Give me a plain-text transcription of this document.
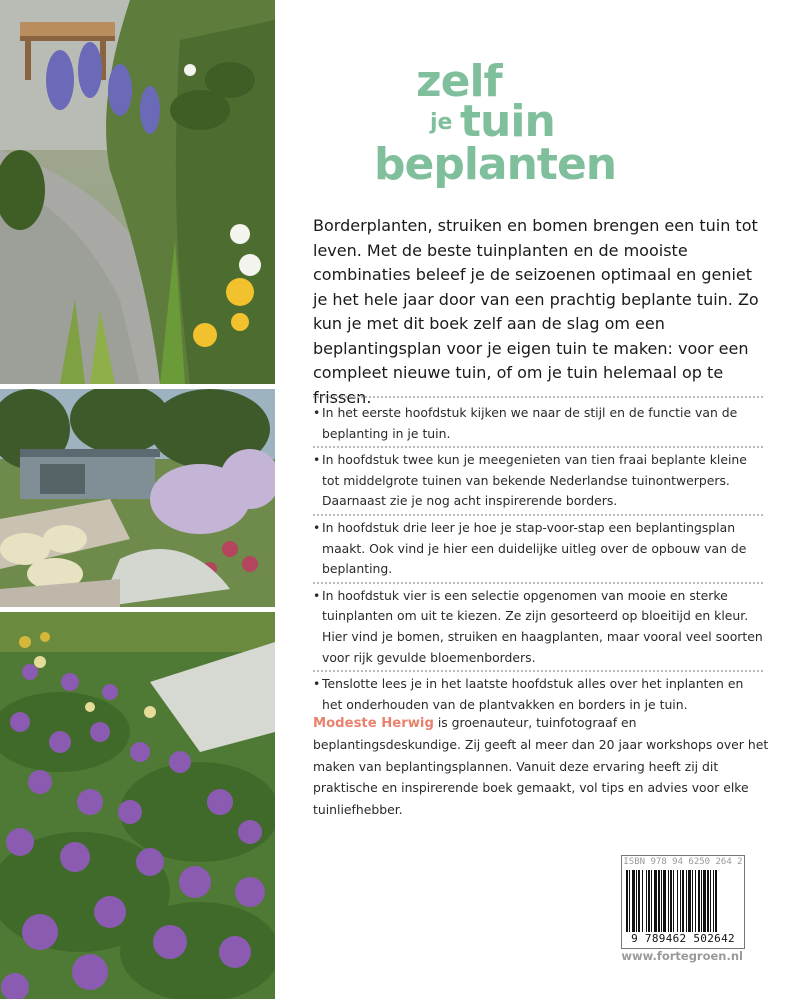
zelf
je tuin
beplanten

Borderplanten, struiken en bomen brengen een tuin tot leven. Met de beste tuinplanten en de mooiste combinaties beleef je de seizoenen optimaal en geniet je het hele jaar door van een prachtig beplante tuin. Zo kun je met dit boek zelf aan de slag om een beplantingsplan voor je eigen tuin te maken: voor een compleet nieuwe tuin, of om je tuin helemaal op te frissen.

• In het eerste hoofdstuk kijken we naar de stijl en de functie van de beplanting in je tuin.
• In hoofdstuk twee kun je meegenieten van tien fraai beplante kleine tot middelgrote tuinen van bekende Nederlandse tuinontwerpers. Daarnaast zie je nog acht inspirerende borders.
• In hoofdstuk drie leer je hoe je stap-voor-stap een beplantingsplan maakt. Ook vind je hier een duidelijke uitleg over de opbouw van de beplanting.
• In hoofdstuk vier is een selectie opgenomen van mooie en sterke tuinplanten om uit te kiezen. Ze zijn gesorteerd op bloeitijd en kleur. Hier vind je bomen, struiken en haagplanten, maar vooral veel soorten voor rijk gevulde bloemenborders.
• Tenslotte lees je in het laatste hoofdstuk alles over het inplanten en het onderhouden van de plantvakken en borders in je tuin.

Modeste Herwig is groenauteur, tuinfotograaf en beplantingsdeskundige. Zij geeft al meer dan 20 jaar workshops over het maken van beplantingsplannen. Vanuit deze ervaring heeft zij dit praktische en inspirerende boek gemaakt, vol tips en advies voor elke tuinliefhebber.

ISBN 978 94 6250 264 2
9 789462 502642
www.fortegroen.nl
